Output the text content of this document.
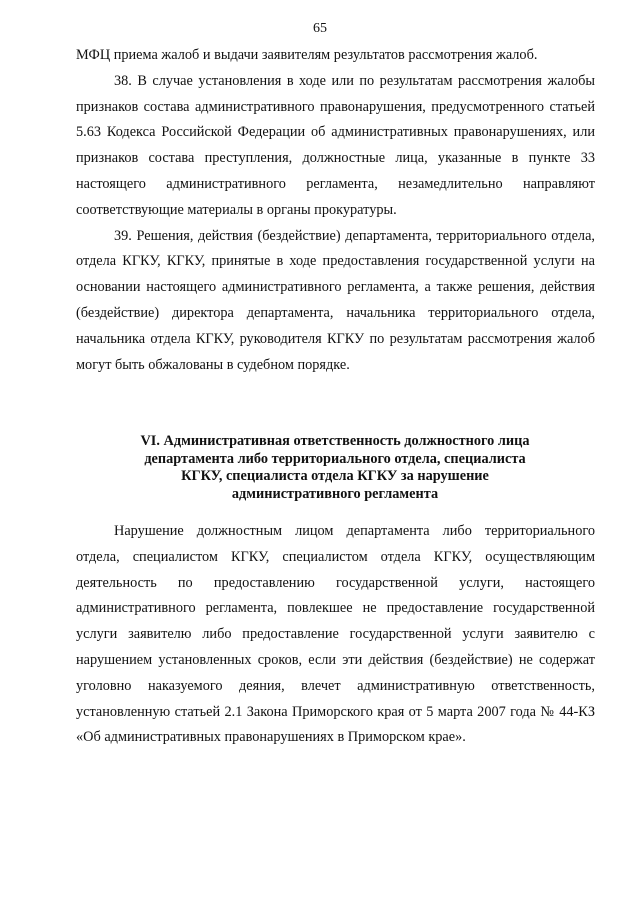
65

МФЦ приема жалоб и выдачи заявителям результатов рассмотрения жалоб.

38. В случае установления в ходе или по результатам рассмотрения жалобы признаков состава административного правонарушения, предусмотренного статьей 5.63 Кодекса Российской Федерации об административных правонарушениях, или признаков состава преступления, должностные лица, указанные в пункте 33 настоящего административного регламента, незамедлительно направляют соответствующие материалы в органы прокуратуры.

39. Решения, действия (бездействие) департамента, территориального отдела, отдела КГКУ, КГКУ, принятые в ходе предоставления государственной услуги на основании настоящего административного регламента, а также решения, действия (бездействие) директора департамента, начальника территориального отдела, начальника отдела КГКУ, руководителя КГКУ по результатам рассмотрения жалоб могут быть обжалованы в судебном порядке.

VI. Административная ответственность должностного лица
департамента либо территориального отдела, специалиста
КГКУ, специалиста отдела КГКУ за нарушение
административного регламента

Нарушение должностным лицом департамента либо территориального отдела, специалистом КГКУ, специалистом отдела КГКУ, осуществляющим деятельность по предоставлению государственной услуги, настоящего административного регламента, повлекшее не предоставление государственной услуги заявителю либо предоставление государственной услуги заявителю с нарушением установленных сроков, если эти действия (бездействие) не содержат уголовно наказуемого деяния, влечет административную ответственность, установленную статьей 2.1 Закона Приморского края от 5 марта 2007 года № 44-КЗ «Об административных правонарушениях в Приморском крае».
